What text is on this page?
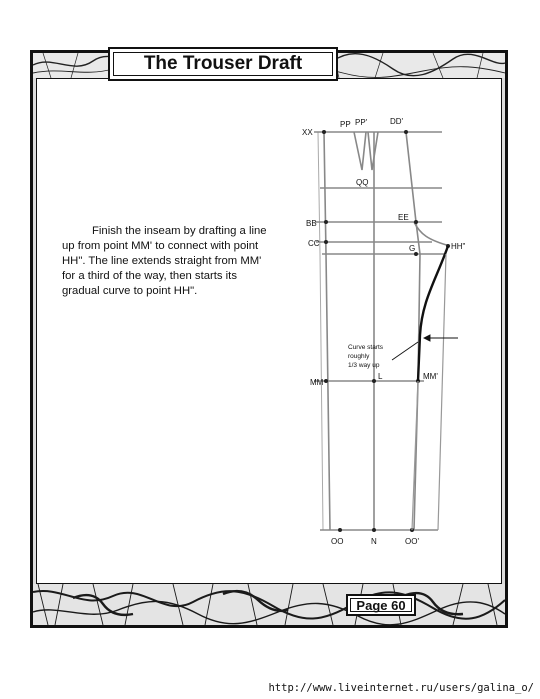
The Trouser Draft
Finish the inseam by drafting a line up from point MM' to connect with point HH". The line extends straight from MM' for a third of the way, then starts its gradual curve to point HH".
XX
PP PP'	DD'
QQ
BB
EE
CC
G	HH"
MM
L	MM'
OO	N	OO'
Curve starts
roughly
1/3 way up
Page 60
http://www.liveinternet.ru/users/galina_o/
